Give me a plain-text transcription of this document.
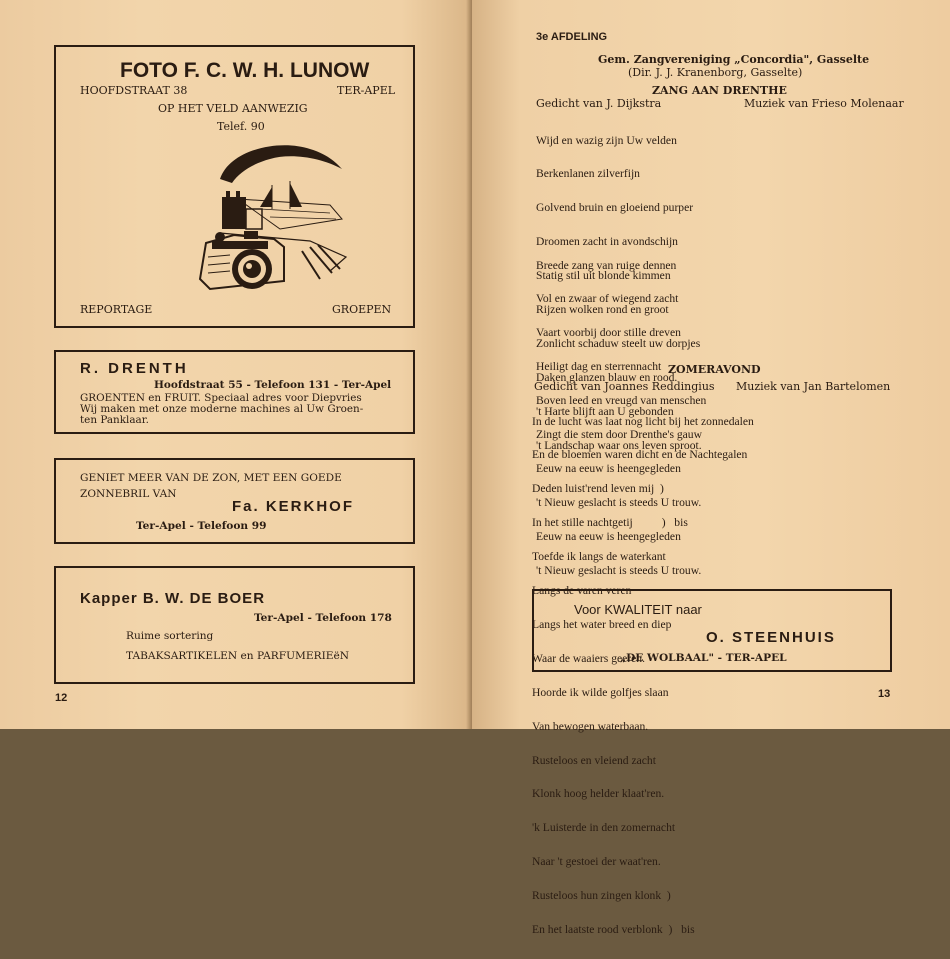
FOTO F. C. W. H. LUNOW
HOOFDSTRAAT 38	TER-APEL
OP HET VELD AANWEZIG
Telef. 90
REPORTAGE	GROEPEN
R. DRENTH
Hoofdstraat 55 - Telefoon 131 - Ter-Apel
GROENTEN en FRUIT. Speciaal adres voor Diepvries
Wij maken met onze moderne machines al Uw Groen-
ten Panklaar.
GENIET MEER VAN DE ZON, MET EEN GOEDE
ZONNEBRIL VAN
Fa. KERKHOF
Ter-Apel - Telefoon 99
Kapper B. W. DE BOER
Ter-Apel - Telefoon 178
Ruime sortering
TABAKSARTIKELEN en PARFUMERIEëN
12
3e AFDELING
Gem. Zangvereniging „Concordia", Gasselte
(Dir. J. J. Kranenborg, Gasselte)
ZANG AAN DRENTHE
Gedicht van J. Dijkstra	Muziek van Frieso Molenaar

Wijd en wazig zijn Uw velden

Berkenlanen zilverfijn

Golvend bruin en gloeiend purper

Droomen zacht in avondschijn

Statig stil uit blonde kimmen

Rijzen wolken rond en groot

Zonlicht schaduw steelt uw dorpjes

Daken glanzen blauw en rood.

't Harte blijft aan U gebonden

't Landschap waar ons leven sproot.

Breede zang van ruige dennen

Vol en zwaar of wiegend zacht

Vaart voorbij door stille dreven

Heiligt dag en sterrennacht

Boven leed en vreugd van menschen

Zingt die stem door Drenthe's gauw

Eeuw na eeuw is heengegleden

't Nieuw geslacht is steeds U trouw.

Eeuw na eeuw is heengegleden

't Nieuw geslacht is steeds U trouw.

ZOMERAVOND
Gedicht van Joannes Reddingius Muziek van Jan Bartelomen

In de lucht was laat nog licht bij het zonnedalen

En de bloemen waren dicht en de Nachtegalen

Deden luist'rend leven mij  )

In het stille nachtgetij          )   bis

Toefde ik langs de waterkant

Langs de varen veren

Langs het water breed en diep

Waar de waaiers geeren.

Hoorde ik wilde golfjes slaan

Van bewogen waterbaan.

Rusteloos en vleiend zacht

Klonk hoog helder klaat'ren.

'k Luisterde in den zomernacht

Naar 't gestoei der waat'ren.

Rusteloos hun zingen klonk  )

En het laatste rood verblonk  )   bis

Voor KWALITEIT naar
O. STEENHUIS
„DE WOLBAAL" - TER-APEL
13
